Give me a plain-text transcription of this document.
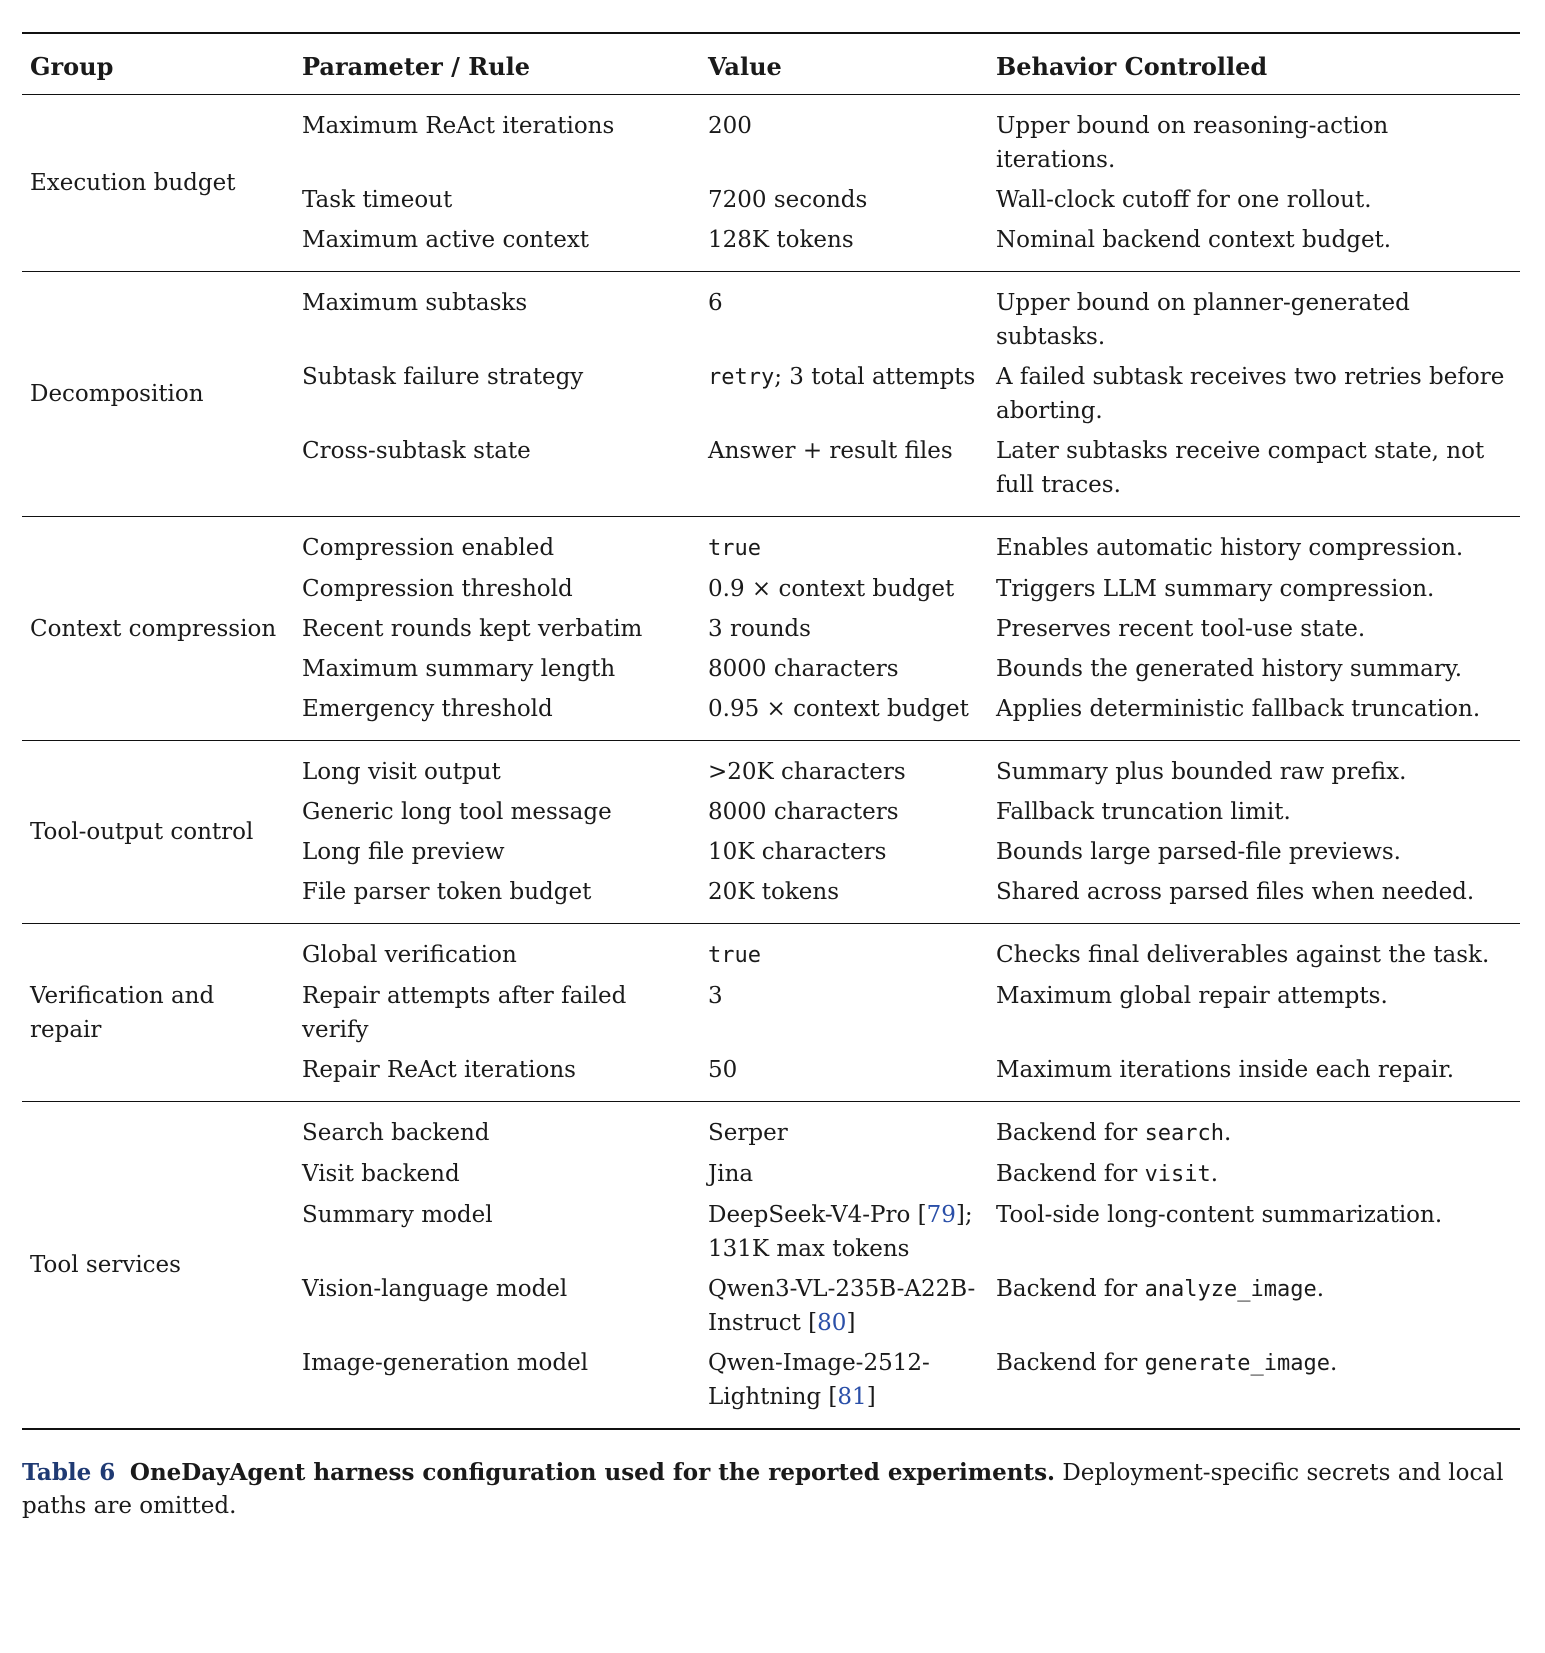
Group	Parameter / Rule	Value	Behavior Controlled
Execution budget	Maximum ReAct iterations	200	Upper bound on reasoning-action iterations.
	Task timeout	7200 seconds	Wall-clock cutoff for one rollout.
	Maximum active context	128K tokens	Nominal backend context budget.
Decomposition	Maximum subtasks	6	Upper bound on planner-generated subtasks.
	Subtask failure strategy	retry; 3 total attempts	A failed subtask receives two retries before aborting.
	Cross-subtask state	Answer + result files	Later subtasks receive compact state, not full traces.
Context compression	Compression enabled	true	Enables automatic history compression.
	Compression threshold	0.9 × context budget	Triggers LLM summary compression.
	Recent rounds kept verbatim	3 rounds	Preserves recent tool-use state.
	Maximum summary length	8000 characters	Bounds the generated history summary.
	Emergency threshold	0.95 × context budget	Applies deterministic fallback truncation.
Tool-output control	Long visit output	>20K characters	Summary plus bounded raw prefix.
	Generic long tool message	8000 characters	Fallback truncation limit.
	Long file preview	10K characters	Bounds large parsed-file previews.
	File parser token budget	20K tokens	Shared across parsed files when needed.
Verification and repair	Global verification	true	Checks final deliverables against the task.
	Repair attempts after failed verify	3	Maximum global repair attempts.
	Repair ReAct iterations	50	Maximum iterations inside each repair.
Tool services	Search backend	Serper	Backend for search.
	Visit backend	Jina	Backend for visit.
	Summary model	DeepSeek-V4-Pro [79]; 131K max tokens	Tool-side long-content summarization.
	Vision-language model	Qwen3-VL-235B-A22B-Instruct [80]	Backend for analyze_image.
	Image-generation model	Qwen-Image-2512-Lightning [81]	Backend for generate_image.
Table 6 OneDayAgent harness configuration used for the reported experiments. Deployment-specific secrets and local paths are omitted.
